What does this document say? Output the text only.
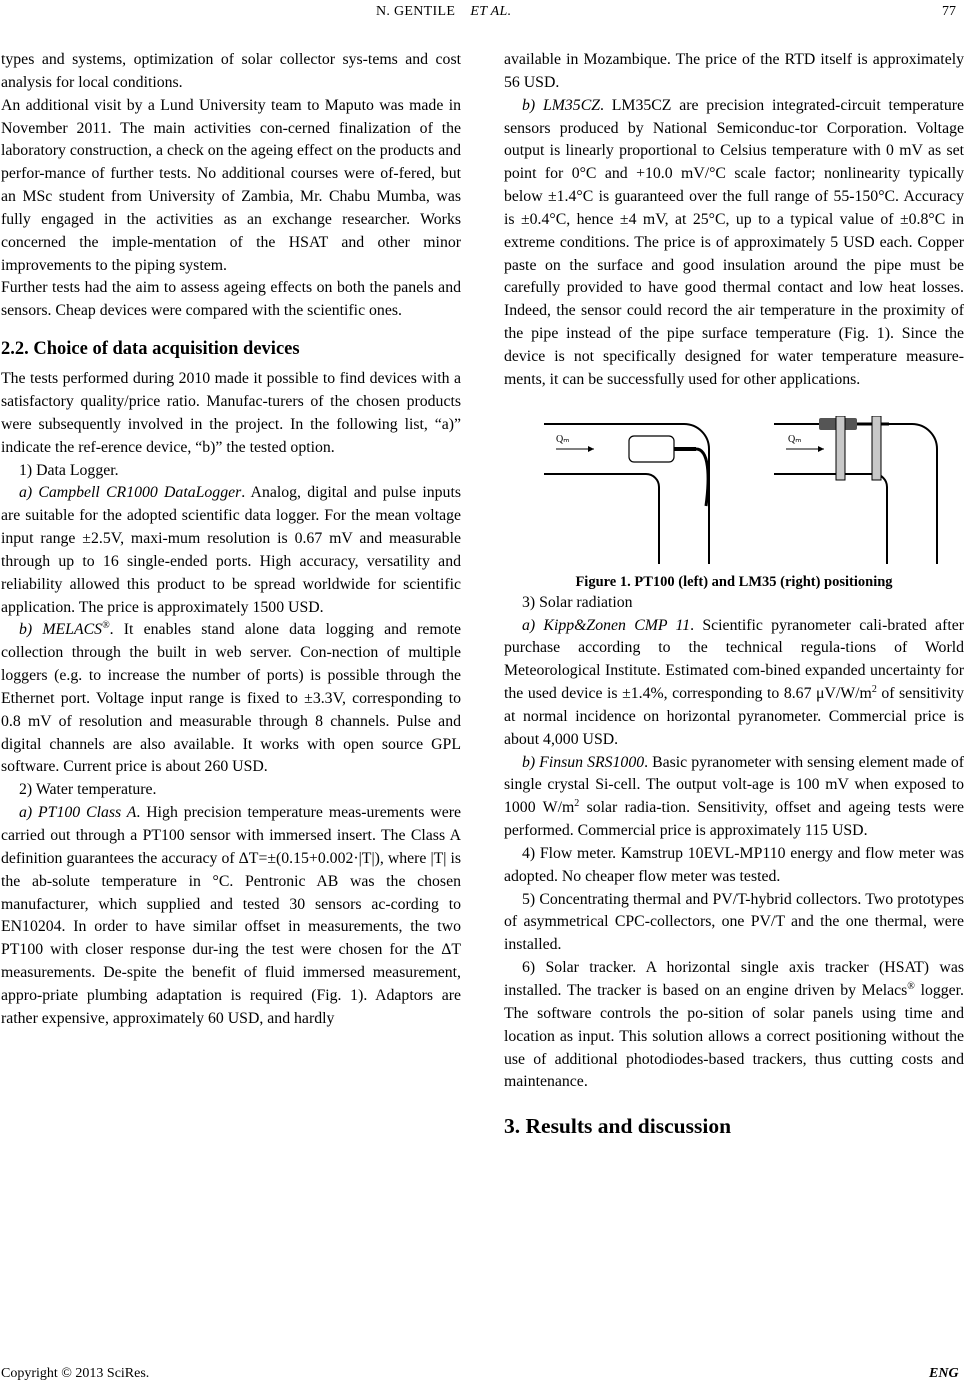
N. GENTILE ET AL.	77

types and systems, optimization of solar collector sys-tems and cost analysis for local conditions.

An additional visit by a Lund University team to Maputo was made in November 2011. The main activities con-cerned finalization of the laboratory construction, a check on the ageing effect on the products and perfor-mance of further tests. No additional courses were of-fered, but an MSc student from University of Zambia, Mr. Chabu Mumba, was fully engaged in the activities as an exchange researcher. Works concerned the imple-mentation of the HSAT and other minor improvements to the piping system.

Further tests had the aim to assess ageing effects on both the panels and sensors. Cheap devices were compared with the scientific ones.

2.2. Choice of data acquisition devices

The tests performed during 2010 made it possible to find devices with a satisfactory quality/price ratio. Manufac-turers of the chosen products were subsequently involved in the project. In the following list, “a)” indicate the ref-erence device, “b)” the tested option.

1) Data Logger.

a) Campbell CR1000 DataLogger. Analog, digital and pulse inputs are suitable for the adopted scientific data logger. For the mean voltage input range ±2.5V, maxi-mum resolution is 0.67 mV and measurable through up to 16 single-ended ports. High accuracy, versatility and reliability allowed this product to be spread worldwide for scientific application. The price is approximately 1500 USD.

b) MELACS®. It enables stand alone data logging and remote collection through the built in web server. Con-nection of multiple loggers (e.g. to increase the number of ports) is possible through the Ethernet port. Voltage input range is fixed to ±3.3V, corresponding to 0.8 mV of resolution and measurable through 8 channels. Pulse and digital channels are also available. It works with open source GPL software. Current price is about 260 USD.

2) Water temperature.

a) PT100 Class A. High precision temperature meas-urements were carried out through a PT100 sensor with immersed insert. The Class A definition guarantees the accuracy of ΔT=±(0.15+0.002·|T|), where |T| is the ab-solute temperature in °C. Pentronic AB was the chosen manufacturer, which supplied and tested 30 sensors ac-cording to EN10204. In order to have similar offset in measurements, the two PT100 with closer response dur-ing the test were chosen for the ΔT measurements. De-spite the benefit of fluid immersed measurement, appro-priate plumbing adaptation is required (Fig. 1). Adaptors are rather expensive, approximately 60 USD, and hardly

available in Mozambique. The price of the RTD itself is approximately 56 USD.

b) LM35CZ. LM35CZ are precision integrated-circuit temperature sensors produced by National Semiconduc-tor Corporation. Voltage output is linearly proportional to Celsius temperature with 0 mV as set point for 0°C and +10.0 mV/°C scale factor; nonlinearity typically below ±1.4°C is guaranteed over the full range of 55-150°C. Accuracy is ±0.4°C, hence ±4 mV, at 25°C, up to a typical value of ±0.8°C in extreme conditions. The price is of approximately 5 USD each. Copper paste on the surface and good insulation around the pipe must be carefully provided to have good thermal contact and low heat losses. Indeed, the sensor could record the air temperature in the proximity of the pipe instead of the pipe surface temperature (Fig. 1). Since the device is not specifically designed for water temperature measure-ments, it can be successfully used for other applications.

Qₘ	Qₘ

Figure 1. PT100 (left) and LM35 (right) positioning

3) Solar radiation

a) Kipp&Zonen CMP 11. Scientific pyranometer cali-brated after purchase according to the technical regula-tions of World Meteorological Institute. Estimated com-bined expanded uncertainty for the used device is ±1.4%, corresponding to 8.67 $\mu V/W/m^2$ of sensitivity at normal incidence on horizontal pyranometer. Commercial price is about 4,000 USD.

b) Finsun SRS1000. Basic pyranometer with sensing element made of single crystal Si-cell. The output volt-age is 100 mV when exposed to 1000 $W/m^2$ solar radia-tion. Sensitivity, offset and ageing tests were performed. Commercial price is approximately 115 USD.

4) Flow meter. Kamstrup 10EVL-MP110 energy and flow meter was adopted. No cheaper flow meter was tested.

5) Concentrating thermal and PV/T-hybrid collectors. Two prototypes of asymmetrical CPC-collectors, one PV/T and the one thermal, were installed.

6) Solar tracker. A horizontal single axis tracker (HSAT) was installed. The tracker is based on an engine driven by Melacs® logger. The software controls the po-sition of solar panels using time and location as input. This solution allows a correct positioning without the use of additional photodiodes-based trackers, thus cutting costs and maintenance.

3. Results and discussion
Copyright © 2013 SciRes.	ENG
